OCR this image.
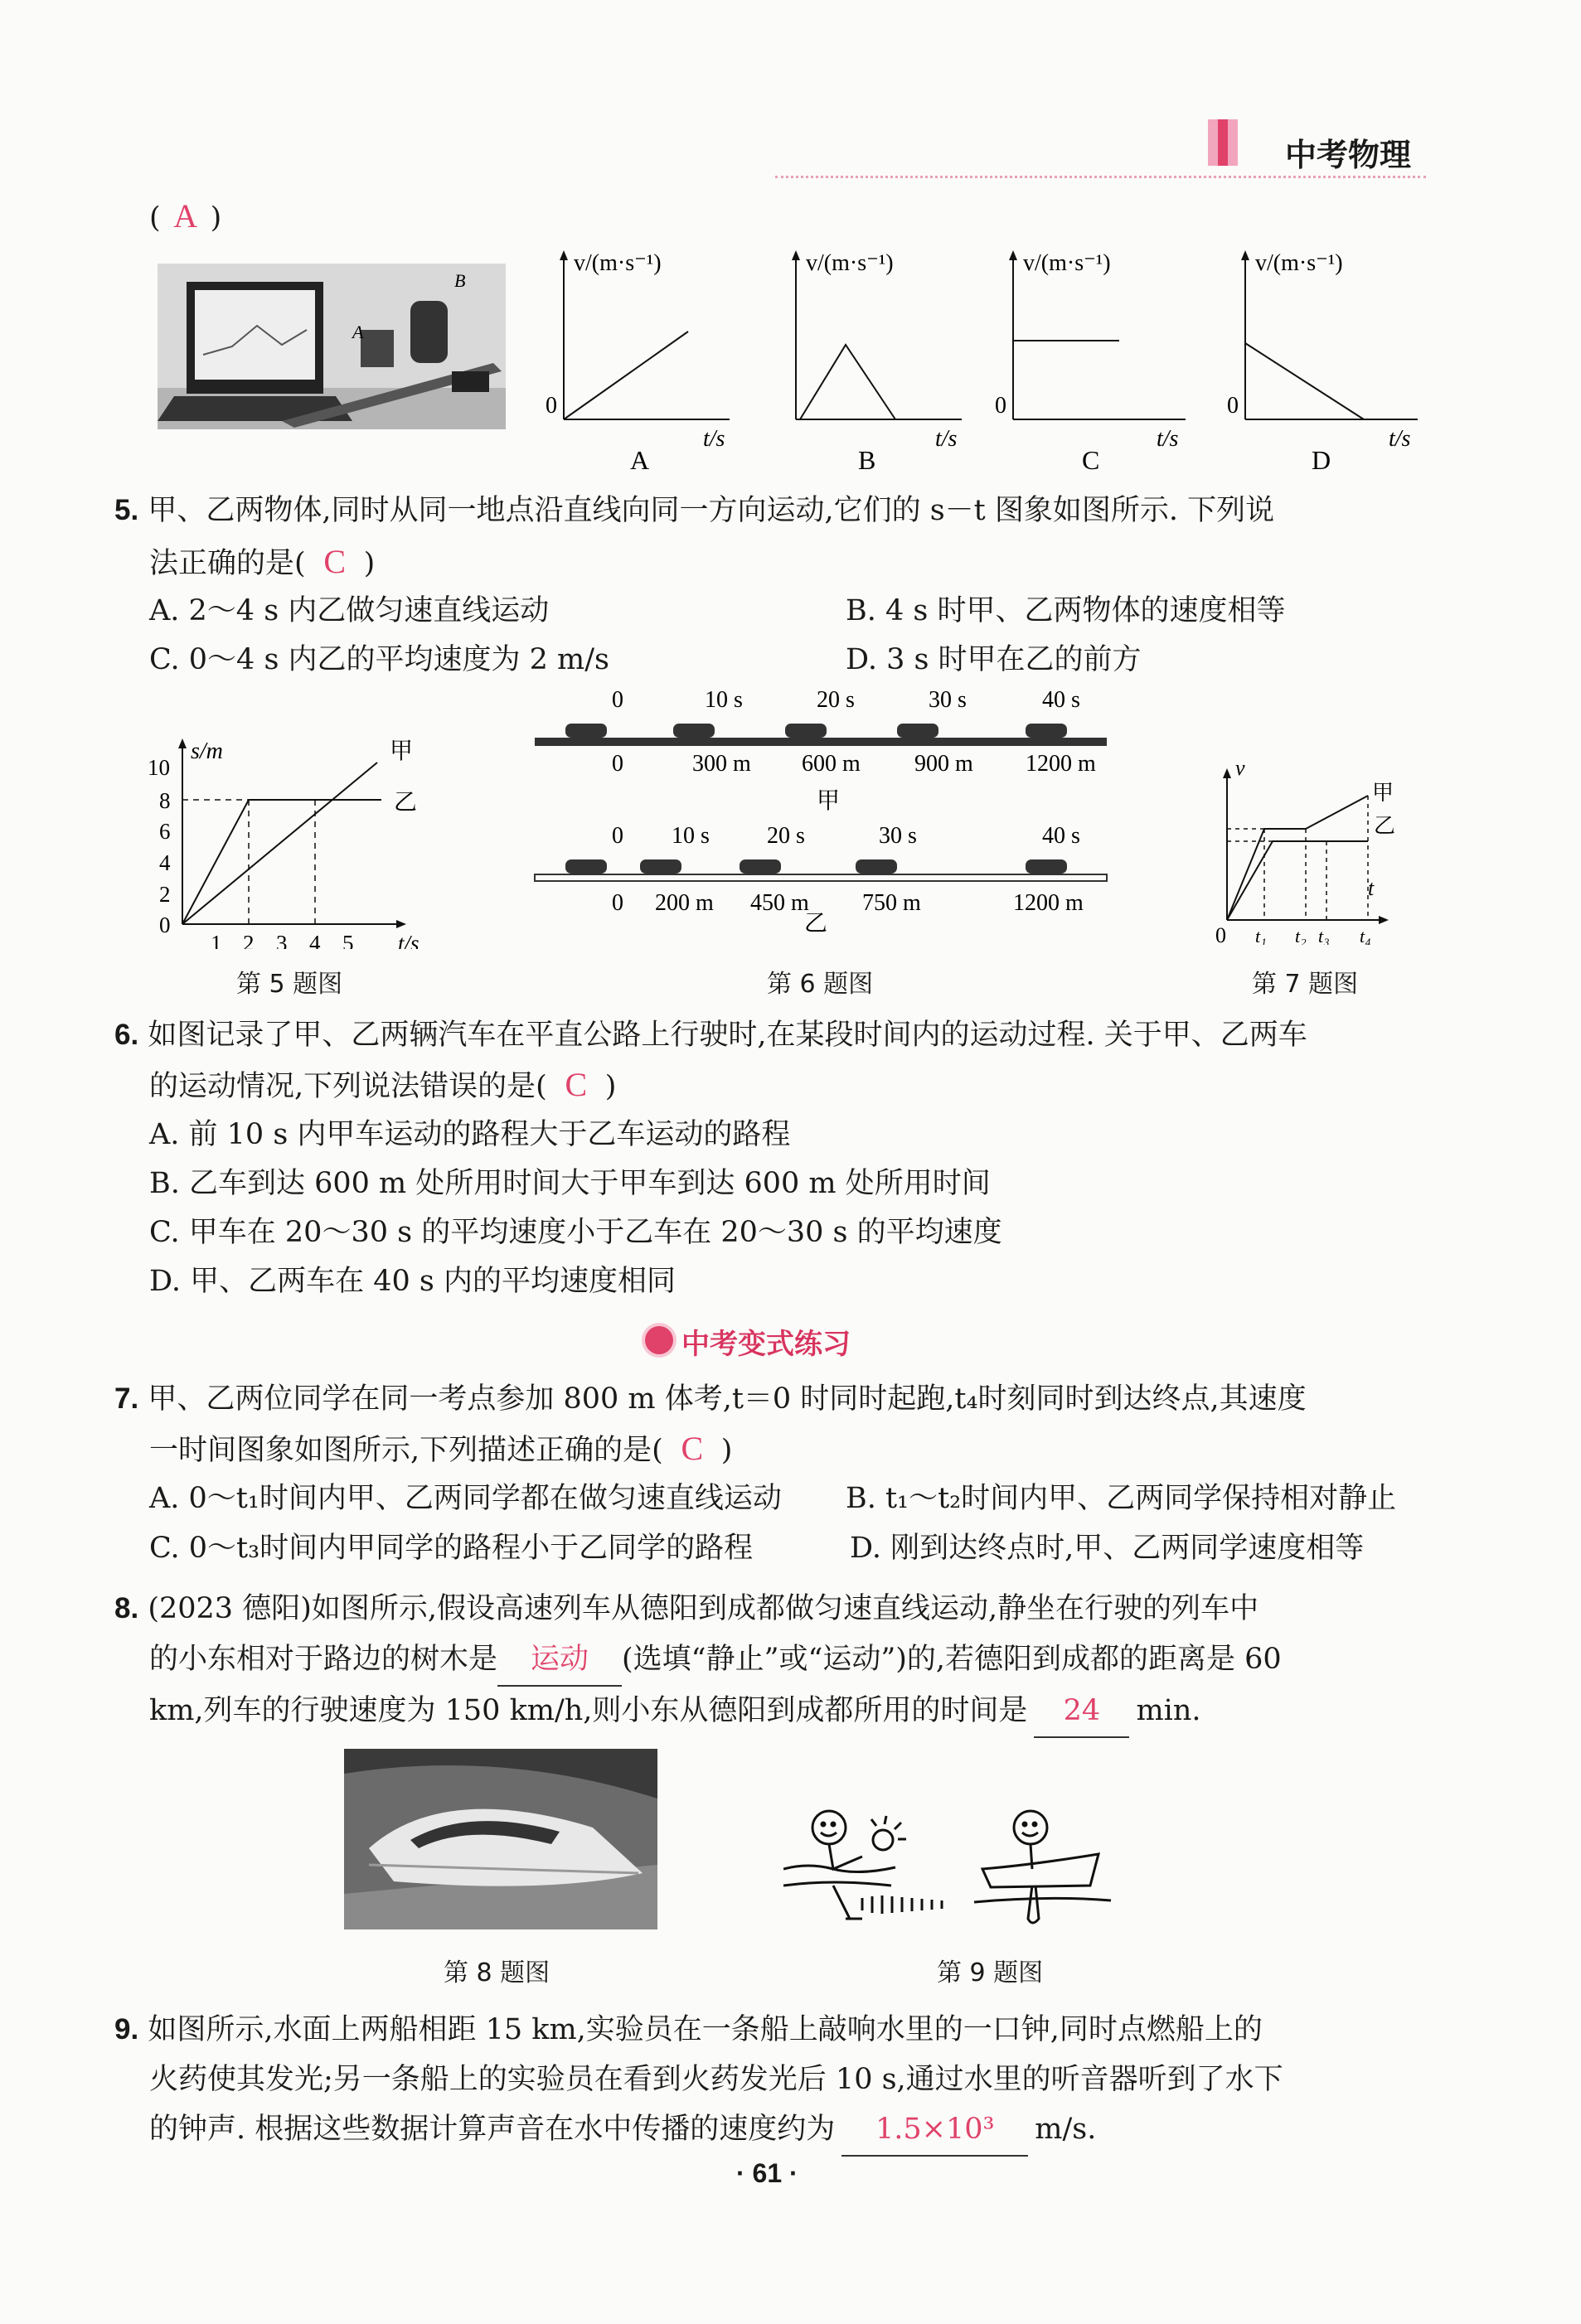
中考物理
( A )
A
B
v/(m·s⁻¹)
0
t/s
A
v/(m·s⁻¹)
t/s
B
v/(m·s⁻¹)
0
t/s
C
v/(m·s⁻¹)
0
t/s
D
5. 甲、乙两物体,同时从同一地点沿直线向同一方向运动,它们的 s－t 图象如图所示. 下列说
法正确的是( C )
A. 2～4 s 内乙做匀速直线运动	B. 4 s 时甲、乙两物体的速度相等
C. 0～4 s 内乙的平均速度为 2 m/s	D. 3 s 时甲在乙的前方
s/m
10
8
6
4
2
0
1 2 3 4 5 t/s
甲
乙
第 5 题图
0	10 s	20 s	30 s	40 s
0	300 m 600 m 900 m 1200 m
甲
0 10 s 20 s	30 s	40 s
0 200 m 450 m 750 m	1200 m
乙
第 6 题图
v
t
0 t₁ t₂ t₃ t₄
甲
乙
第 7 题图
6. 如图记录了甲、乙两辆汽车在平直公路上行驶时,在某段时间内的运动过程. 关于甲、乙两车
的运动情况,下列说法错误的是( C )
A. 前 10 s 内甲车运动的路程大于乙车运动的路程
B. 乙车到达 600 m 处所用时间大于甲车到达 600 m 处所用时间
C. 甲车在 20～30 s 的平均速度小于乙车在 20～30 s 的平均速度
D. 甲、乙两车在 40 s 内的平均速度相同
中考变式练习
7. 甲、乙两位同学在同一考点参加 800 m 体考,t＝0 时同时起跑,t₄时刻同时到达终点,其速度
一时间图象如图所示,下列描述正确的是( C )
A. 0～t₁时间内甲、乙两同学都在做匀速直线运动 B. t₁～t₂时间内甲、乙两同学保持相对静止
C. 0～t₃时间内甲同学的路程小于乙同学的路程	D. 刚到达终点时,甲、乙两同学速度相等
8. (2023 德阳)如图所示,假设高速列车从德阳到成都做匀速直线运动,静坐在行驶的列车中
的小东相对于路边的树木是 运动 (选填“静止”或“运动”)的,若德阳到成都的距离是 60
km,列车的行驶速度为 150 km/h,则小东从德阳到成都所用的时间是 24 min.
第 8 题图	第 9 题图
9. 如图所示,水面上两船相距 15 km,实验员在一条船上敲响水里的一口钟,同时点燃船上的
火药使其发光;另一条船上的实验员在看到火药发光后 10 s,通过水里的听音器听到了水下
的钟声. 根据这些数据计算声音在水中传播的速度约为 1.5×10³ m/s.
· 61 ·
